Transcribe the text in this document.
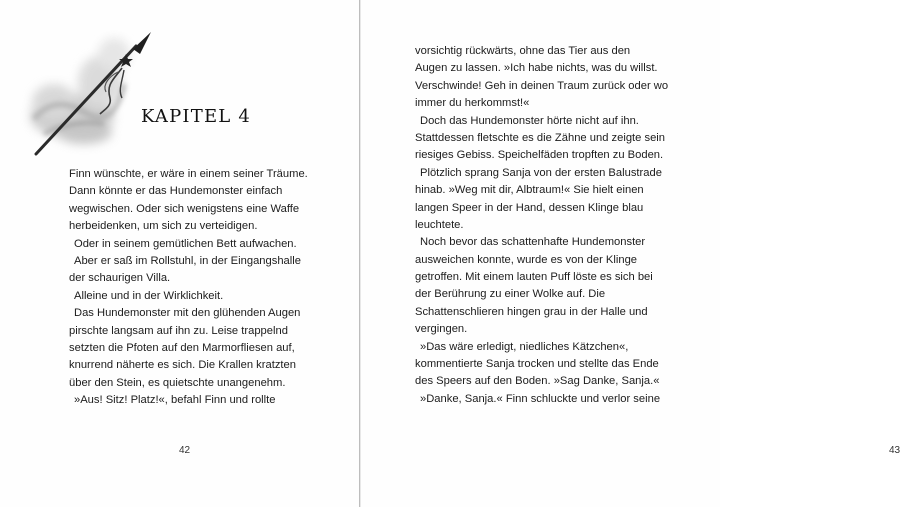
KAPITEL 4
Finn wünschte, er wäre in einem seiner Träume.
Dann könnte er das Hundemonster einfach
wegwischen. Oder sich wenigstens eine Waffe
herbeidenken, um sich zu verteidigen.
Oder in seinem gemütlichen Bett aufwachen.
Aber er saß im Rollstuhl, in der Eingangshalle
der schaurigen Villa.
Alleine und in der Wirklichkeit.
Das Hundemonster mit den glühenden Augen
pirschte langsam auf ihn zu. Leise trappelnd
setzten die Pfoten auf den Marmorfliesen auf,
knurrend näherte es sich. Die Krallen kratzten
über den Stein, es quietschte unangenehm.
»Aus! Sitz! Platz!«, befahl Finn und rollte
42	43
vorsichtig rückwärts, ohne das Tier aus den
Augen zu lassen. »Ich habe nichts, was du willst.
Verschwinde! Geh in deinen Traum zurück oder wo
immer du herkommst!«
Doch das Hundemonster hörte nicht auf ihn.
Stattdessen fletschte es die Zähne und zeigte sein
riesiges Gebiss. Speichelfäden tropften zu Boden.
Plötzlich sprang Sanja von der ersten Balustrade
hinab. »Weg mit dir, Albtraum!« Sie hielt einen
langen Speer in der Hand, dessen Klinge blau
leuchtete.
Noch bevor das schattenhafte Hundemonster
ausweichen konnte, wurde es von der Klinge
getroffen. Mit einem lauten Puff löste es sich bei
der Berührung zu einer Wolke auf. Die
Schattenschlieren hingen grau in der Halle und
vergingen.
»Das wäre erledigt, niedliches Kätzchen«,
kommentierte Sanja trocken und stellte das Ende
des Speers auf den Boden. »Sag Danke, Sanja.«
»Danke, Sanja.« Finn schluckte und verlor seine
